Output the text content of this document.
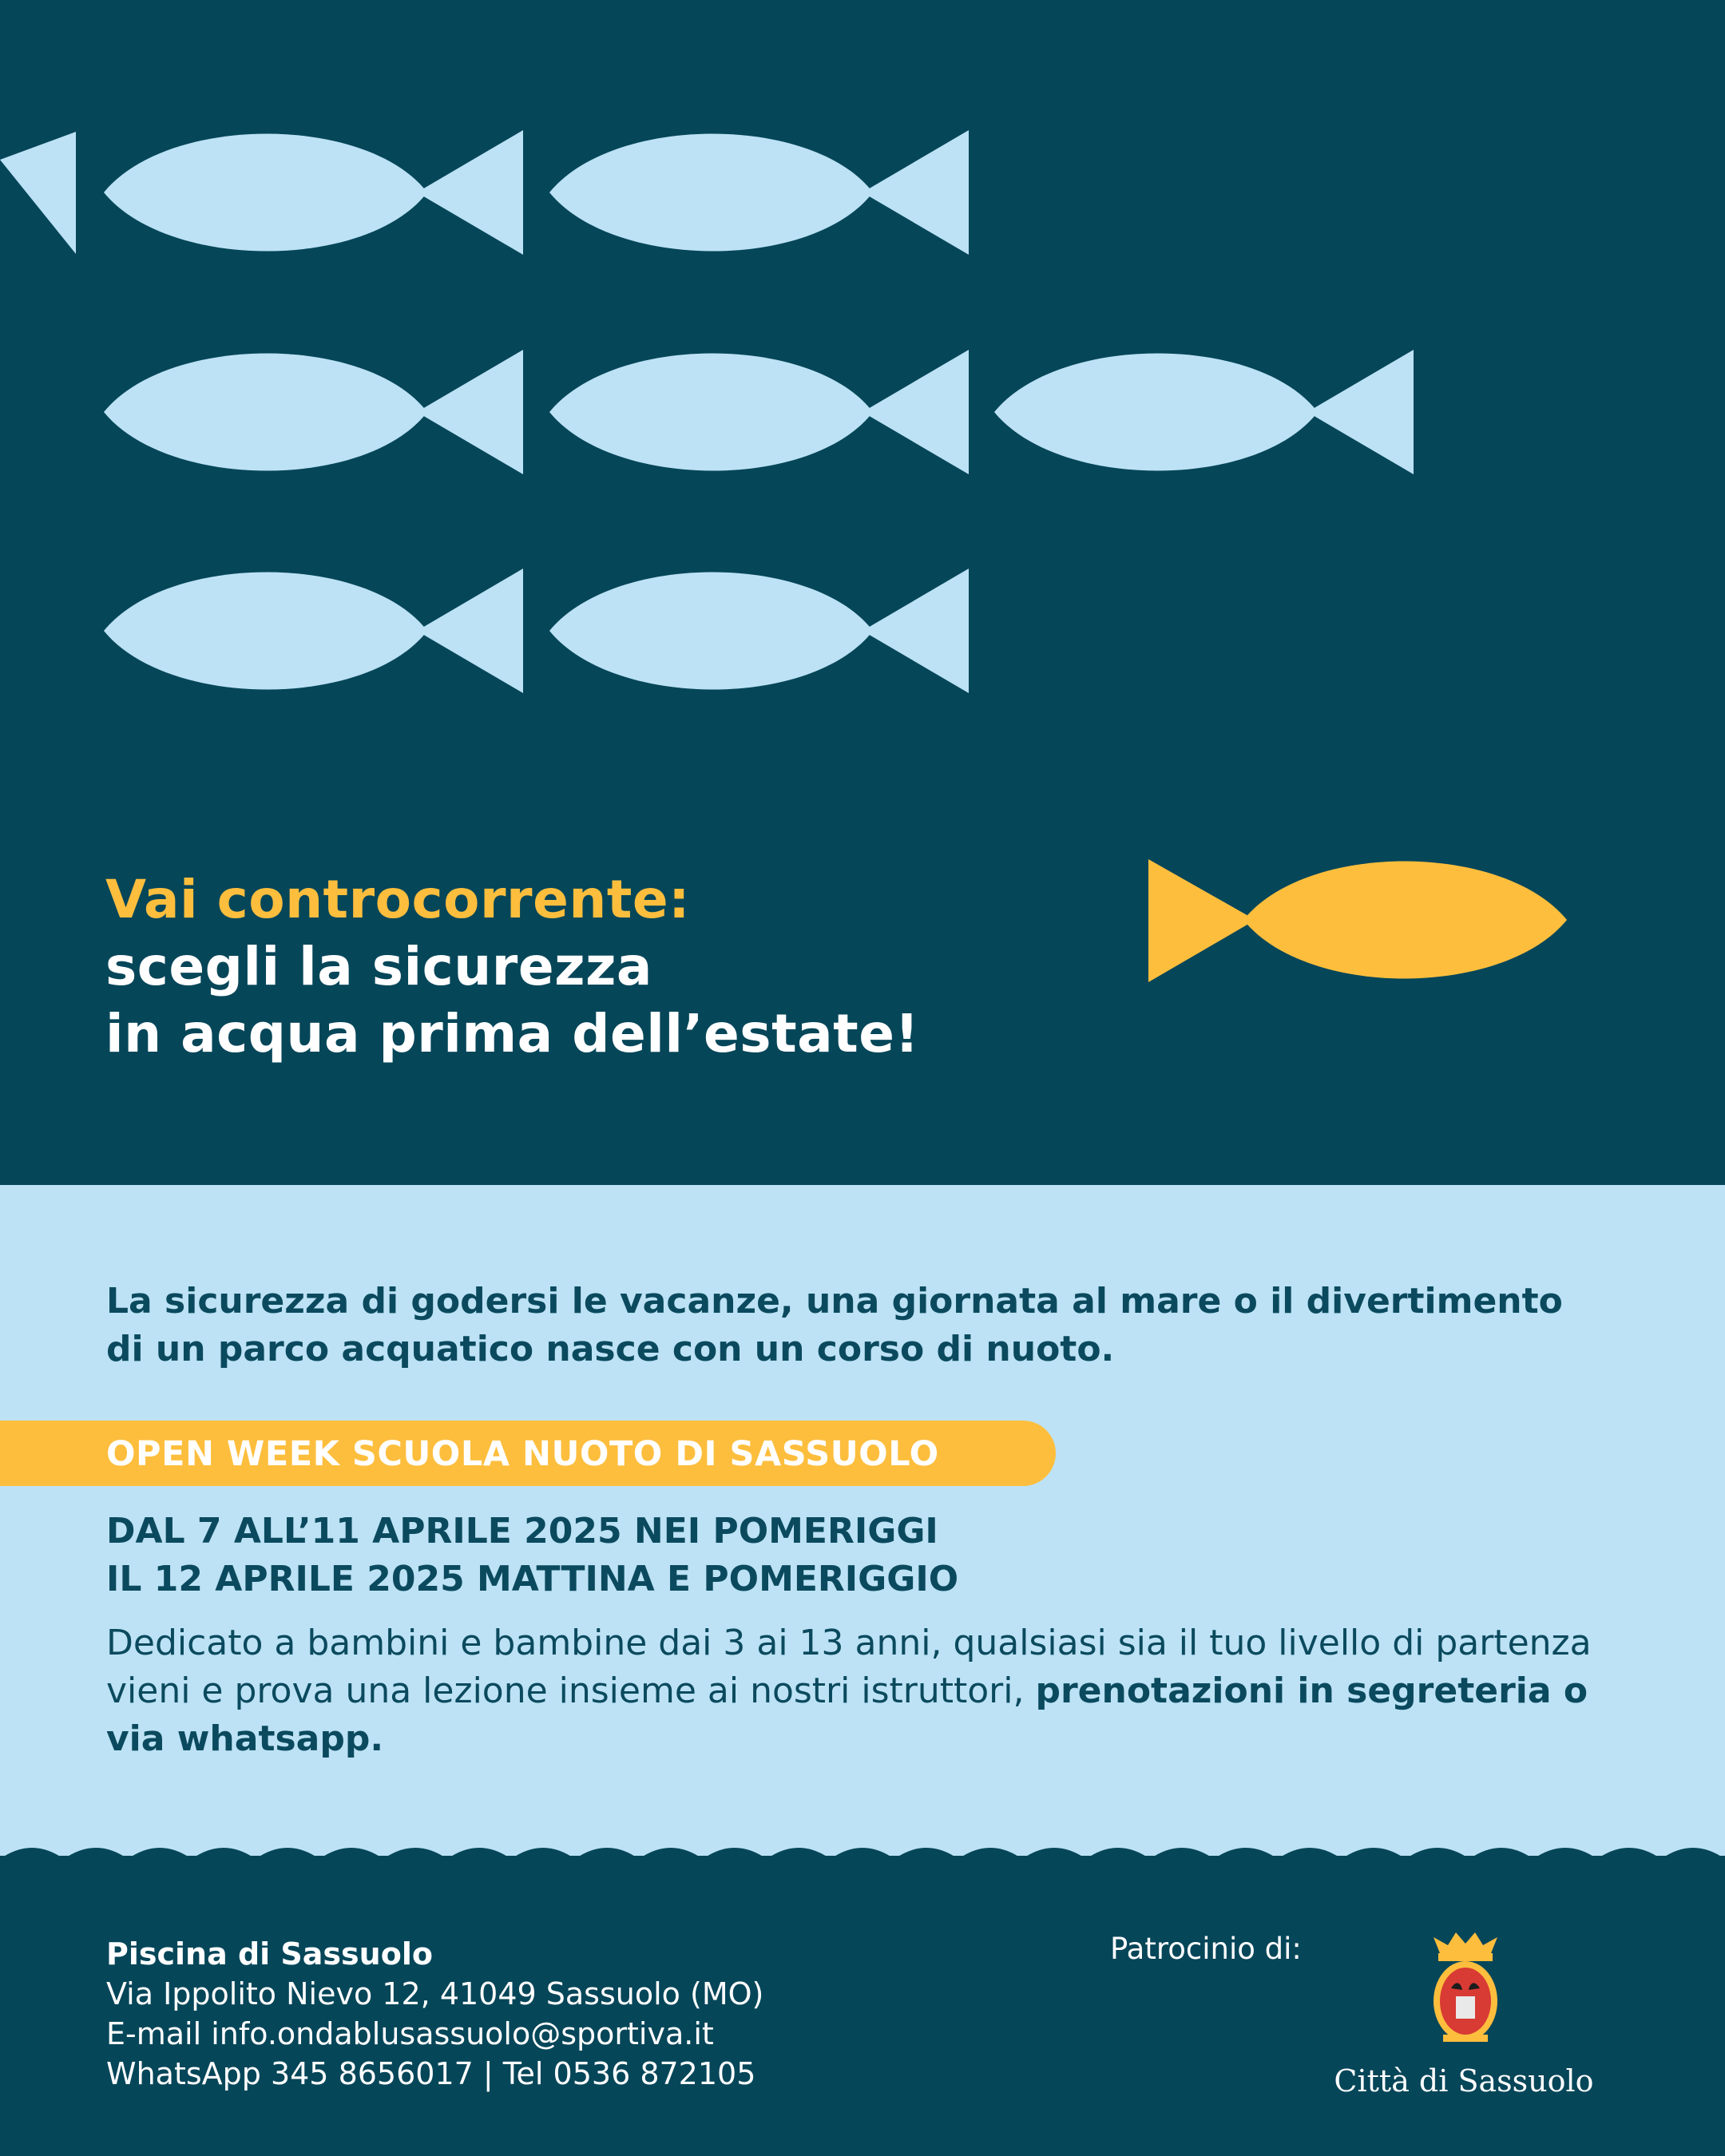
Vai controcorrente:
scegli la sicurezza
in acqua prima dell’estate!
La sicurezza di godersi le vacanze, una giornata al mare o il divertimento di un parco acquatico nasce con un corso di nuoto.
OPEN WEEK SCUOLA NUOTO DI SASSUOLO
DAL 7 ALL’11 APRILE 2025 NEI POMERIGGI
IL 12 APRILE 2025 MATTINA E POMERIGGIO
Dedicato a bambini e bambine dai 3 ai 13 anni, qualsiasi sia il tuo livello di partenza vieni e prova una lezione insieme ai nostri istruttori, prenotazioni in segreteria o via whatsapp.
Piscina di Sassuolo
Via Ippolito Nievo 12, 41049 Sassuolo (MO)
E-mail info.ondablusassuolo@sportiva.it
WhatsApp 345 8656017 | Tel 0536 872105
Patrocinio di:
Città di Sassuolo
